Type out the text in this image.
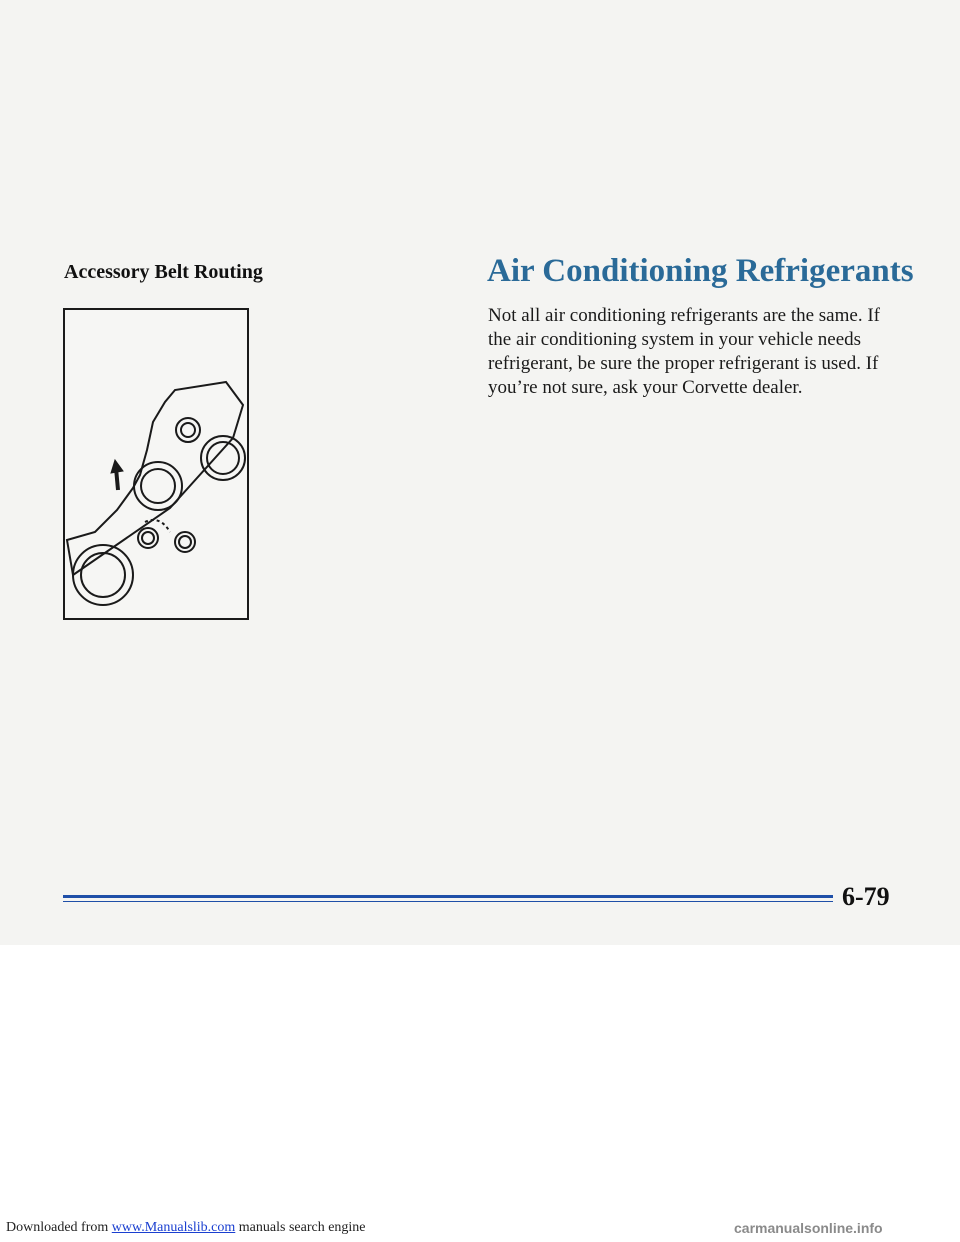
Accessory Belt Routing	Air Conditioning Refrigerants

Not all air conditioning refrigerants are the same. If the air conditioning system in your vehicle needs refrigerant, be sure the proper refrigerant is used. If you’re not sure, ask your Corvette dealer.

6-79
Downloaded from www.Manualslib.com manuals search engine	carmanualsonline.info
